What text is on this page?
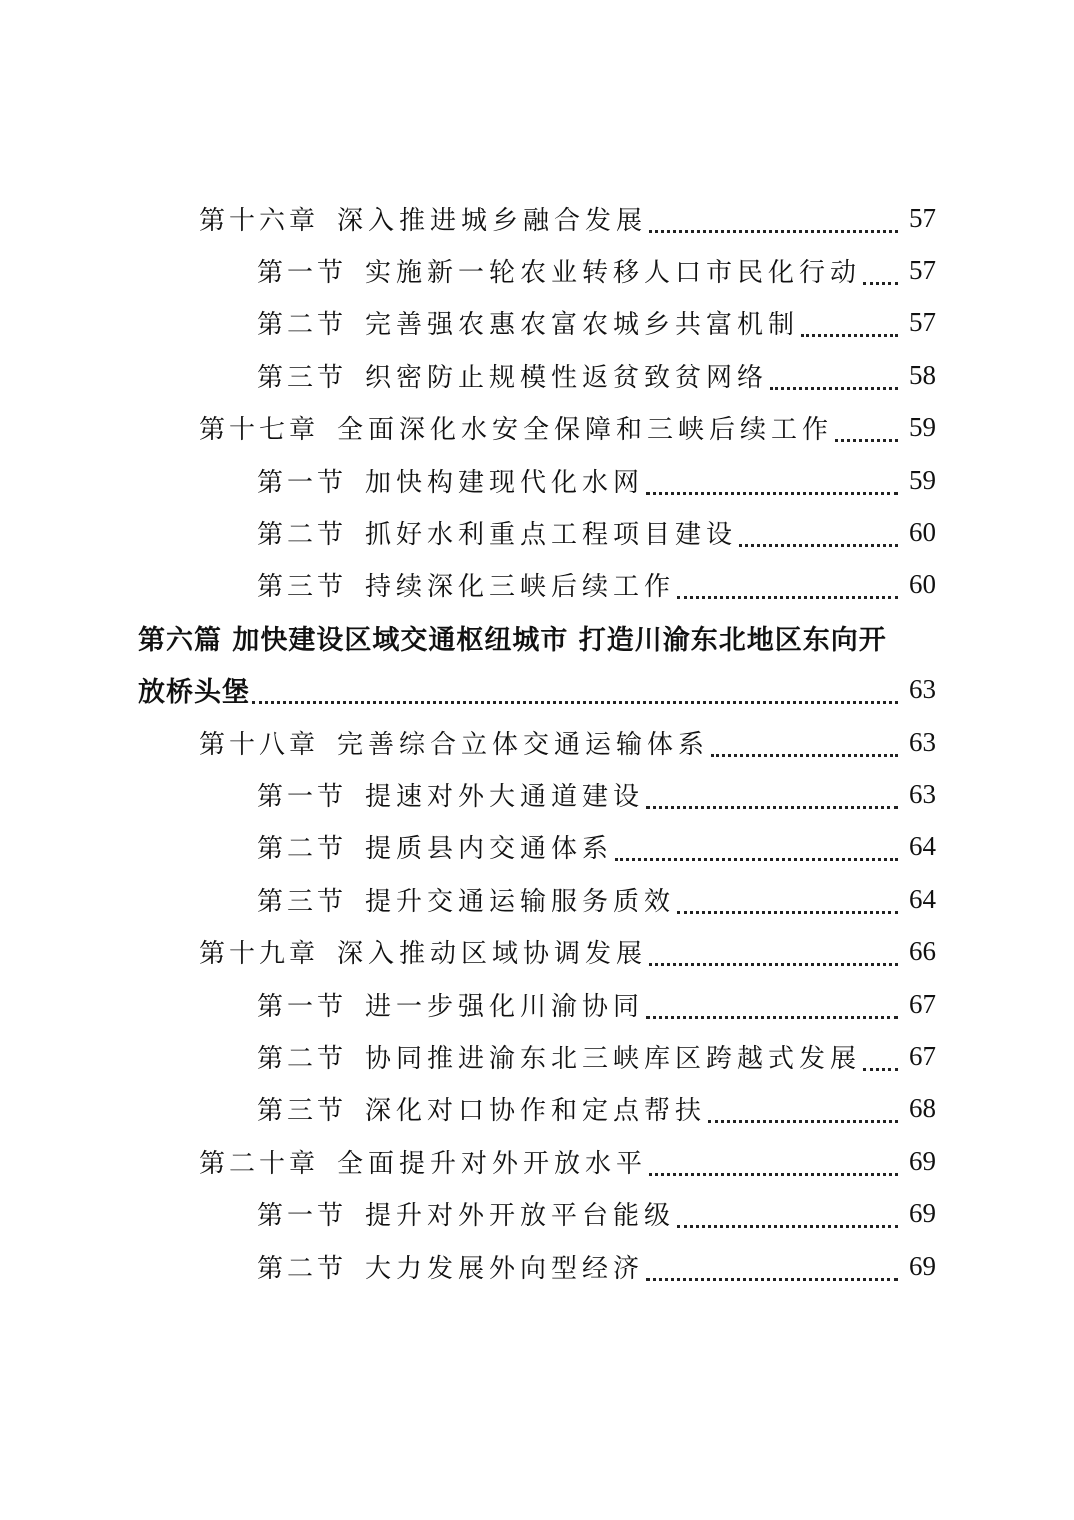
第十六章 深入推进城乡融合发展	57
第一节 实施新一轮农业转移人口市民化行动	57
第二节 完善强农惠农富农城乡共富机制	57
第三节 织密防止规模性返贫致贫网络	58
第十七章 全面深化水安全保障和三峡后续工作	59
第一节 加快构建现代化水网	59
第二节 抓好水利重点工程项目建设	60
第三节 持续深化三峡后续工作	60
第六篇 加快建设区域交通枢纽城市 打造川渝东北地区东向开
放桥头堡	63
第十八章 完善综合立体交通运输体系	63
第一节 提速对外大通道建设	63
第二节 提质县内交通体系	64
第三节 提升交通运输服务质效	64
第十九章 深入推动区域协调发展	66
第一节 进一步强化川渝协同	67
第二节 协同推进渝东北三峡库区跨越式发展	67
第三节 深化对口协作和定点帮扶	68
第二十章 全面提升对外开放水平	69
第一节 提升对外开放平台能级	69
第二节 大力发展外向型经济	69
